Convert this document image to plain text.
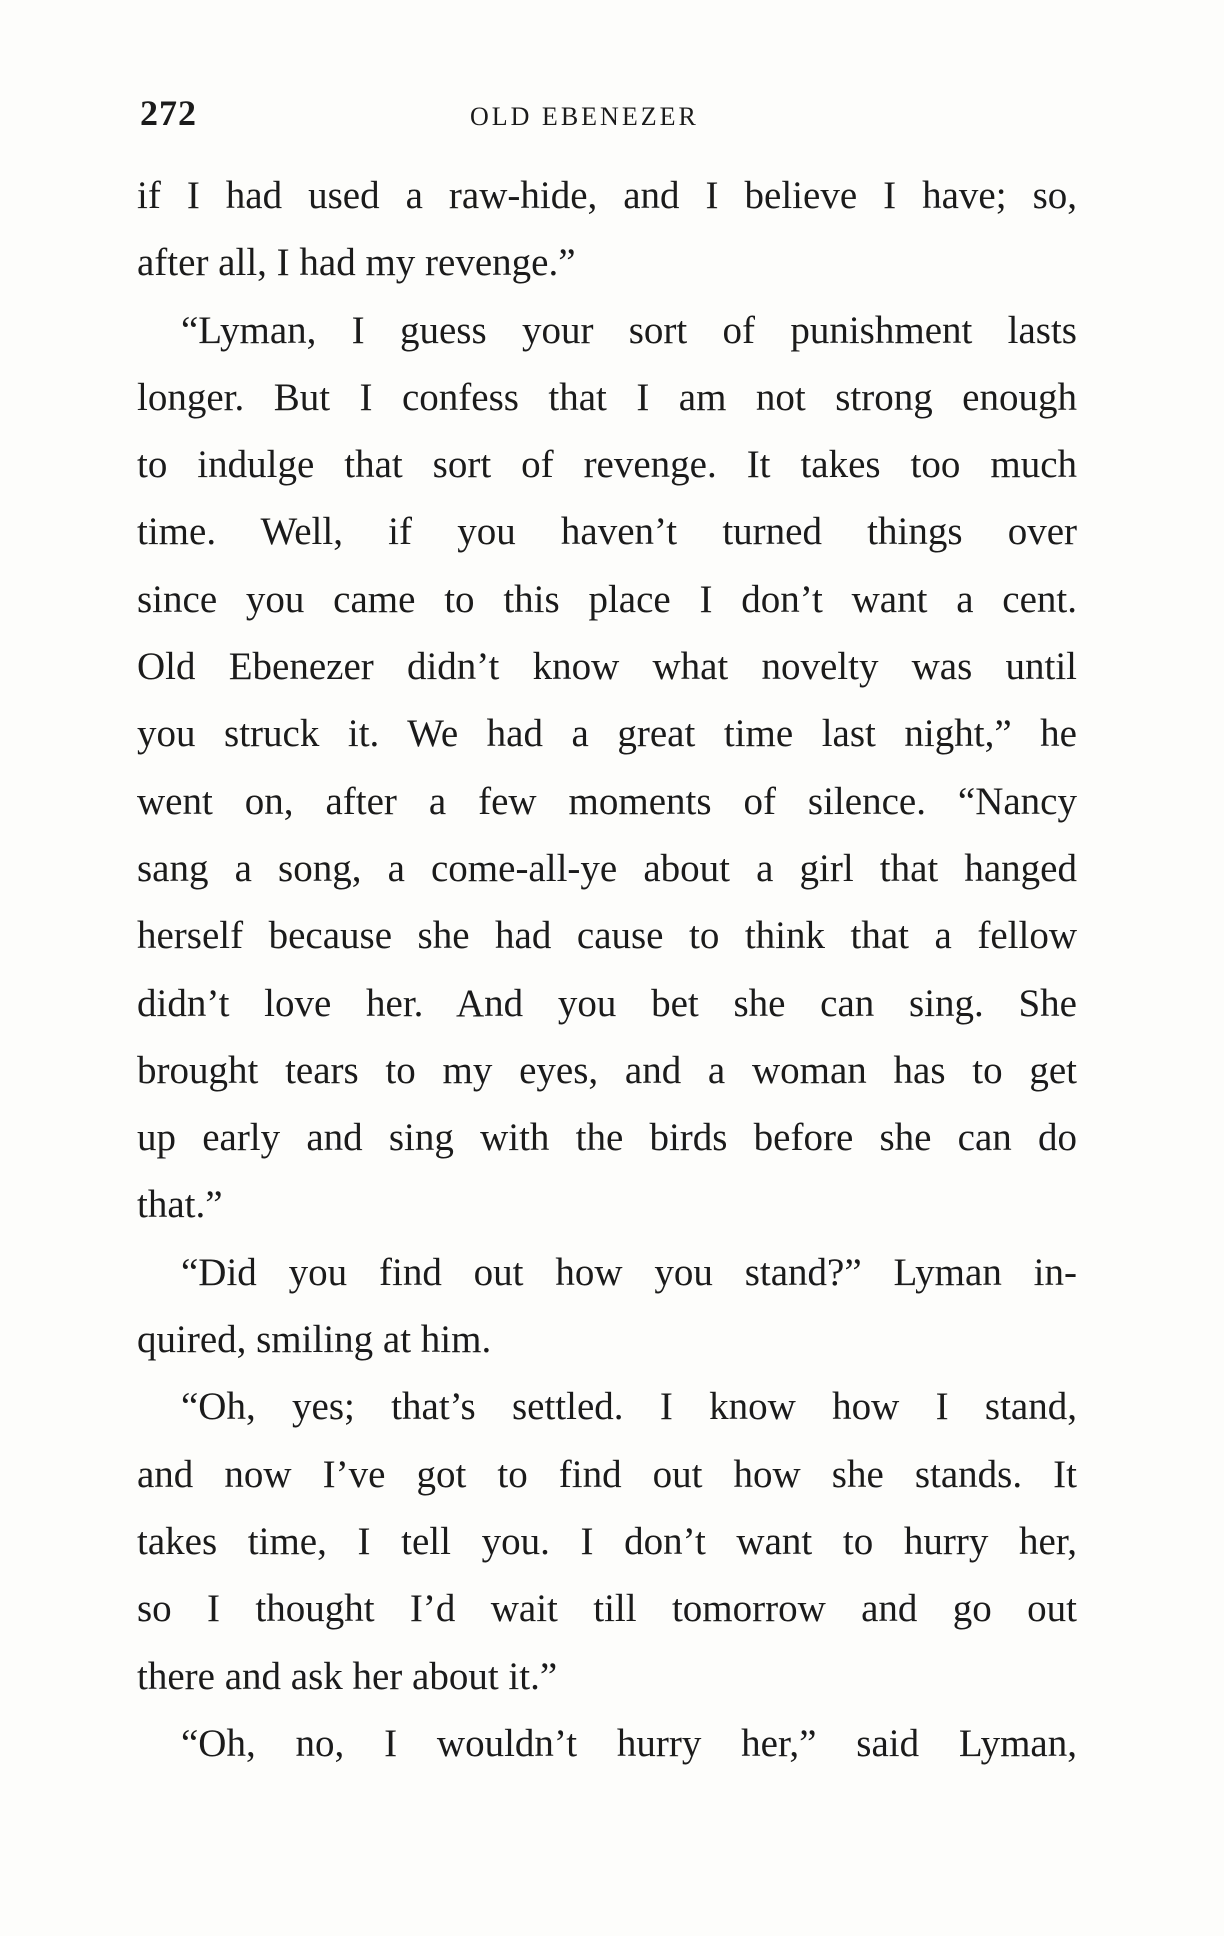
272	OLD EBENEZER
if I had used a raw-hide, and I believe I have; so,
after all, I had my revenge.”
“Lyman, I guess your sort of punishment lasts
longer. But I confess that I am not strong enough
to indulge that sort of revenge. It takes too much
time. Well, if you haven’t turned things over
since you came to this place I don’t want a cent.
Old Ebenezer didn’t know what novelty was until
you struck it. We had a great time last night,” he
went on, after a few moments of silence. “Nancy
sang a song, a come-all-ye about a girl that hanged
herself because she had cause to think that a fellow
didn’t love her. And you bet she can sing. She
brought tears to my eyes, and a woman has to get
up early and sing with the birds before she can do
that.”
“Did you find out how you stand?” Lyman in-
quired, smiling at him.
“Oh, yes; that’s settled. I know how I stand,
and now I’ve got to find out how she stands. It
takes time, I tell you. I don’t want to hurry her,
so I thought I’d wait till tomorrow and go out
there and ask her about it.”
“Oh, no, I wouldn’t hurry her,” said Lyman,
